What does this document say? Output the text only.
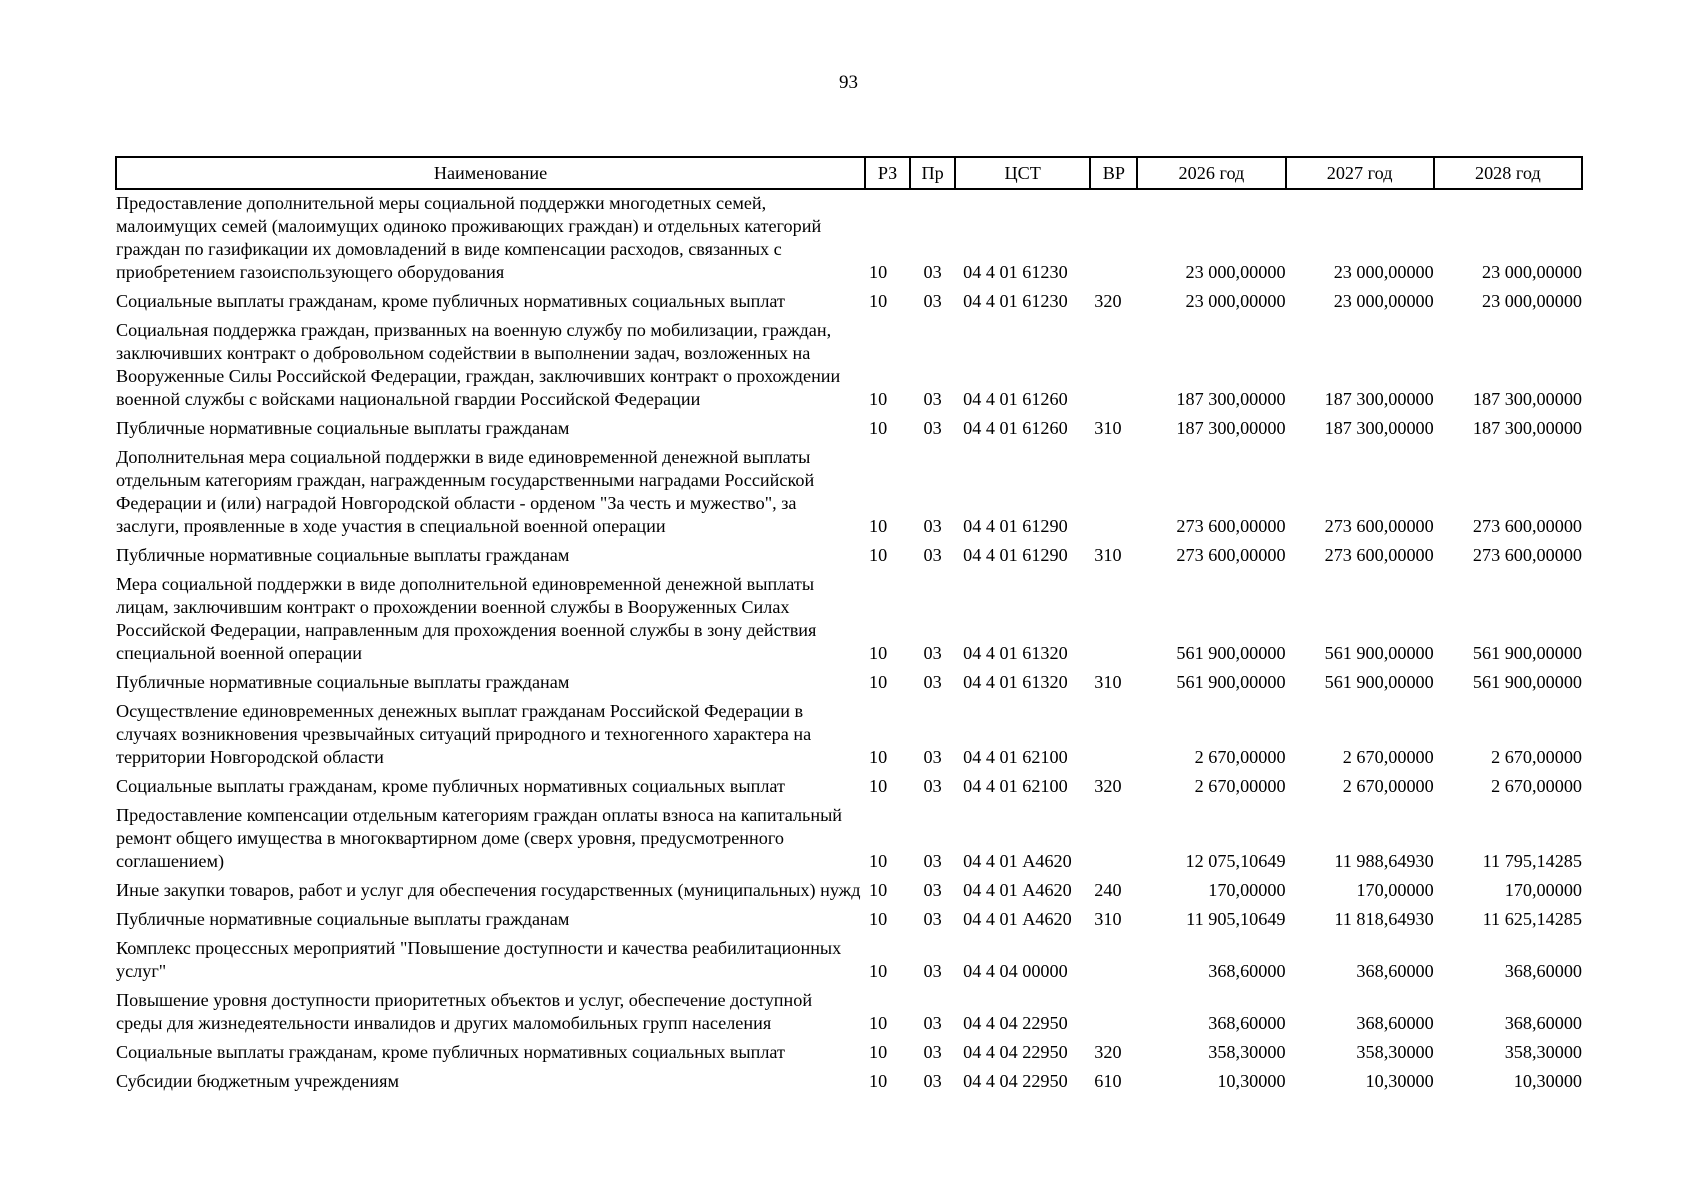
93
Наименование	РЗ	Пр	ЦСТ	ВР	2026 год	2027 год	2028 год
Предоставление дополнительной меры социальной поддержки многодетных семей, малоимущих семей (малоимущих одиноко проживающих граждан) и отдельных категорий граждан по газификации их домовладений в виде компенсации расходов, связанных с приобретением газоиспользующего оборудования	10	03	04 4 01 61230		23 000,00000	23 000,00000	23 000,00000
Социальные выплаты гражданам, кроме публичных нормативных социальных выплат	10	03	04 4 01 61230	320	23 000,00000	23 000,00000	23 000,00000
Социальная поддержка граждан, призванных на военную службу по мобилизации, граждан, заключивших контракт о добровольном содействии в выполнении задач, возложенных на Вооруженные Силы Российской Федерации, граждан, заключивших контракт о прохождении военной службы с войсками национальной гвардии Российской Федерации	10	03	04 4 01 61260		187 300,00000	187 300,00000	187 300,00000
Публичные нормативные социальные выплаты гражданам	10	03	04 4 01 61260	310	187 300,00000	187 300,00000	187 300,00000
Дополнительная мера социальной поддержки в виде единовременной денежной выплаты отдельным категориям граждан, награжденным государственными наградами Российской Федерации и (или) наградой Новгородской области - орденом "За честь и мужество", за заслуги, проявленные в ходе участия в специальной военной операции	10	03	04 4 01 61290		273 600,00000	273 600,00000	273 600,00000
Публичные нормативные социальные выплаты гражданам	10	03	04 4 01 61290	310	273 600,00000	273 600,00000	273 600,00000
Мера социальной поддержки в виде дополнительной единовременной денежной выплаты лицам, заключившим контракт о прохождении военной службы в Вооруженных Силах Российской Федерации, направленным для прохождения военной службы в зону действия специальной военной операции	10	03	04 4 01 61320		561 900,00000	561 900,00000	561 900,00000
Публичные нормативные социальные выплаты гражданам	10	03	04 4 01 61320	310	561 900,00000	561 900,00000	561 900,00000
Осуществление единовременных денежных выплат гражданам Российской Федерации в случаях возникновения чрезвычайных ситуаций природного и техногенного характера на территории Новгородской области	10	03	04 4 01 62100		2 670,00000	2 670,00000	2 670,00000
Социальные выплаты гражданам, кроме публичных нормативных социальных выплат	10	03	04 4 01 62100	320	2 670,00000	2 670,00000	2 670,00000
Предоставление компенсации отдельным категориям граждан оплаты взноса на капитальный ремонт общего имущества в многоквартирном доме (сверх уровня, предусмотренного соглашением)	10	03	04 4 01 А4620		12 075,10649	11 988,64930	11 795,14285
Иные закупки товаров, работ и услуг для обеспечения государственных (муниципальных) нужд	10	03	04 4 01 А4620	240	170,00000	170,00000	170,00000
Публичные нормативные социальные выплаты гражданам	10	03	04 4 01 А4620	310	11 905,10649	11 818,64930	11 625,14285
Комплекс процессных мероприятий "Повышение доступности и качества реабилитационных услуг"	10	03	04 4 04 00000		368,60000	368,60000	368,60000
Повышение уровня доступности приоритетных объектов и услуг, обеспечение доступной среды для жизнедеятельности инвалидов и других маломобильных групп населения	10	03	04 4 04 22950		368,60000	368,60000	368,60000
Социальные выплаты гражданам, кроме публичных нормативных социальных выплат	10	03	04 4 04 22950	320	358,30000	358,30000	358,30000
Субсидии бюджетным учреждениям	10	03	04 4 04 22950	610	10,30000	10,30000	10,30000
